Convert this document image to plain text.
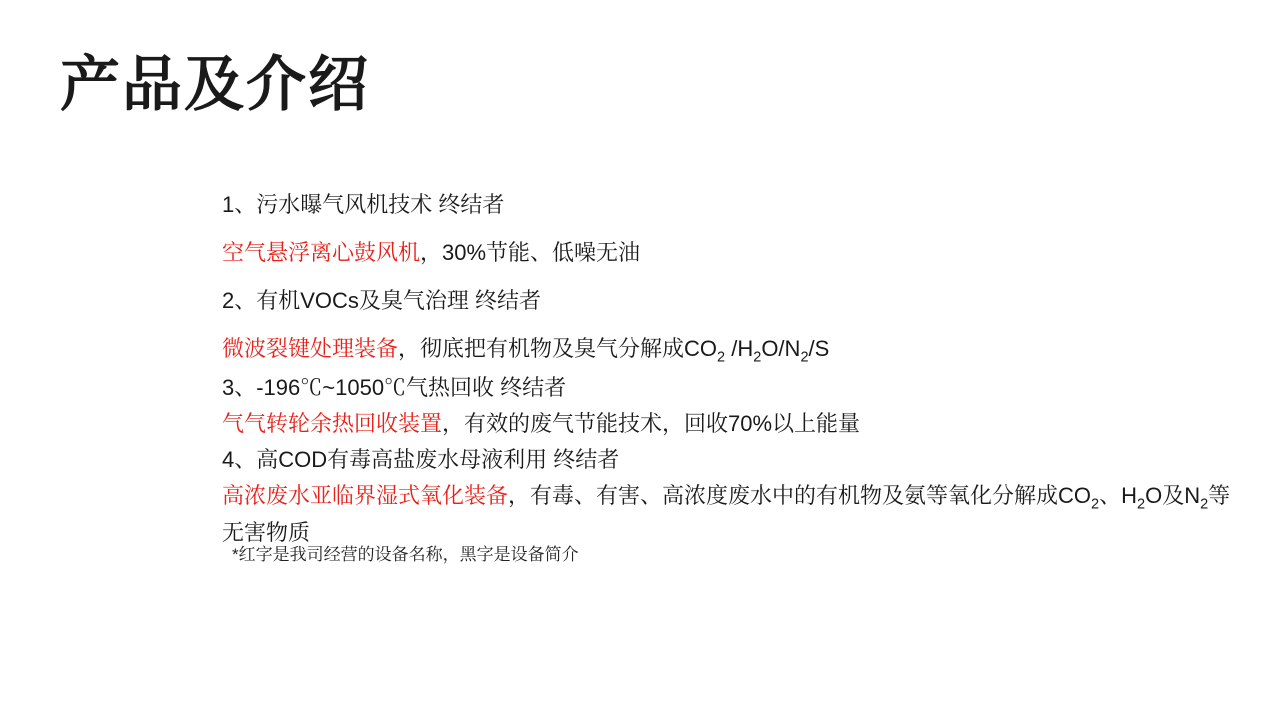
产品及介绍
1、污水曝气风机技术 终结者
空气悬浮离心鼓风机，30%节能、低噪无油
2、有机VOCs及臭气治理 终结者
微波裂键处理装备，彻底把有机物及臭气分解成$CO_2$ $/H_2O/N_2/S$
3、-196℃~1050℃气热回收 终结者
气气转轮余热回收装置，有效的废气节能技术，回收70%以上能量
4、高COD有毒高盐废水母液利用 终结者
高浓废水亚临界湿式氧化装备，有毒、有害、高浓度废水中的有机物及氨等氧化分解成$CO_2$、$H_2O$及$N_2$等无害物质
*红字是我司经营的设备名称，黑字是设备简介
